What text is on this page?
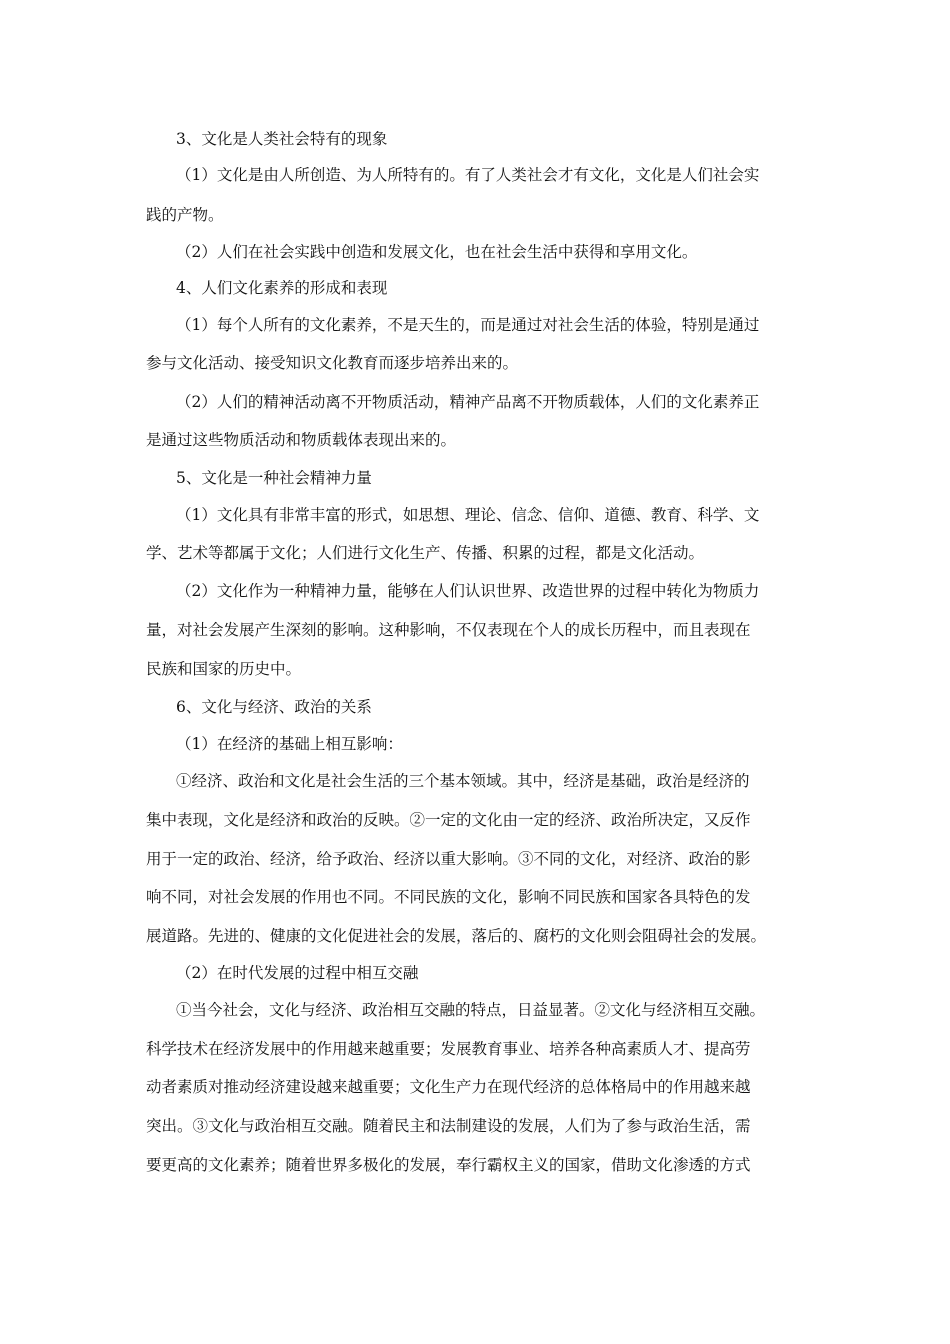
3、文化是人类社会特有的现象
（1）文化是由人所创造、为人所特有的。有了人类社会才有文化，文化是人们社会实
践的产物。
（2）人们在社会实践中创造和发展文化，也在社会生活中获得和享用文化。
4、人们文化素养的形成和表现
（1）每个人所有的文化素养，不是天生的，而是通过对社会生活的体验，特别是通过
参与文化活动、接受知识文化教育而逐步培养出来的。
（2）人们的精神活动离不开物质活动，精神产品离不开物质载体，人们的文化素养正
是通过这些物质活动和物质载体表现出来的。
5、文化是一种社会精神力量
（1）文化具有非常丰富的形式，如思想、理论、信念、信仰、道德、教育、科学、文
学、艺术等都属于文化；人们进行文化生产、传播、积累的过程，都是文化活动。
（2）文化作为一种精神力量，能够在人们认识世界、改造世界的过程中转化为物质力
量，对社会发展产生深刻的影响。这种影响，不仅表现在个人的成长历程中，而且表现在
民族和国家的历史中。
6、文化与经济、政治的关系
（1）在经济的基础上相互影响：
①经济、政治和文化是社会生活的三个基本领域。其中，经济是基础，政治是经济的
集中表现，文化是经济和政治的反映。②一定的文化由一定的经济、政治所决定，又反作
用于一定的政治、经济，给予政治、经济以重大影响。③不同的文化，对经济、政治的影
响不同，对社会发展的作用也不同。不同民族的文化，影响不同民族和国家各具特色的发
展道路。先进的、健康的文化促进社会的发展，落后的、腐朽的文化则会阻碍社会的发展。
（2）在时代发展的过程中相互交融
①当今社会，文化与经济、政治相互交融的特点，日益显著。②文化与经济相互交融。
科学技术在经济发展中的作用越来越重要；发展教育事业、培养各种高素质人才、提高劳
动者素质对推动经济建设越来越重要；文化生产力在现代经济的总体格局中的作用越来越
突出。③文化与政治相互交融。随着民主和法制建设的发展，人们为了参与政治生活，需
要更高的文化素养；随着世界多极化的发展，奉行霸权主义的国家，借助文化渗透的方式
